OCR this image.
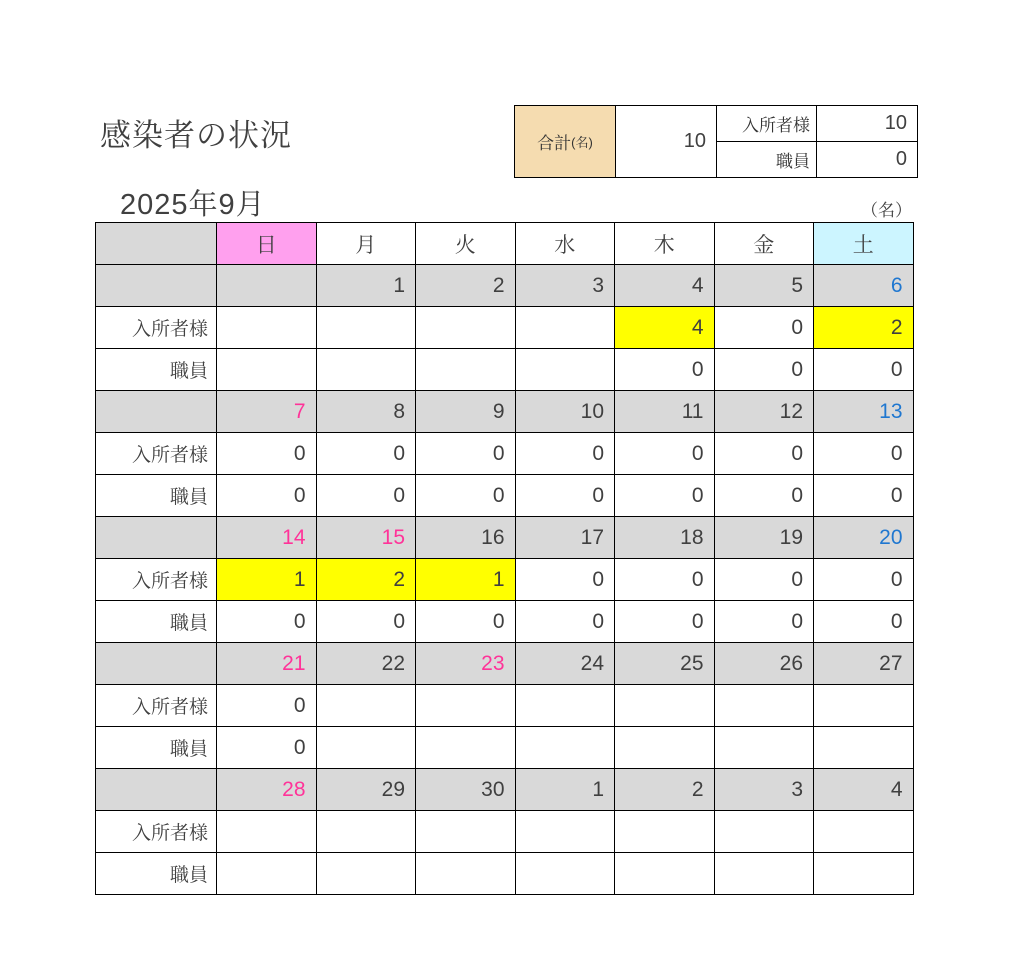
感染者の状況
2025年9月
合計 (名)	10
入所者様	10
職員	0
（名）
	日	月	火	水	木	金	土
		1	2	3	4	5	6
入所者様					4	0	2
職員					0	0	0
	7	8	9	10	11	12	13
入所者様	0	0	0	0	0	0	0
職員	0	0	0	0	0	0	0
	14	15	16	17	18	19	20
入所者様	1	2	1	0	0	0	0
職員	0	0	0	0	0	0	0
	21	22	23	24	25	26	27
入所者様	0						
職員	0						
	28	29	30	1	2	3	4
入所者様							
職員							
